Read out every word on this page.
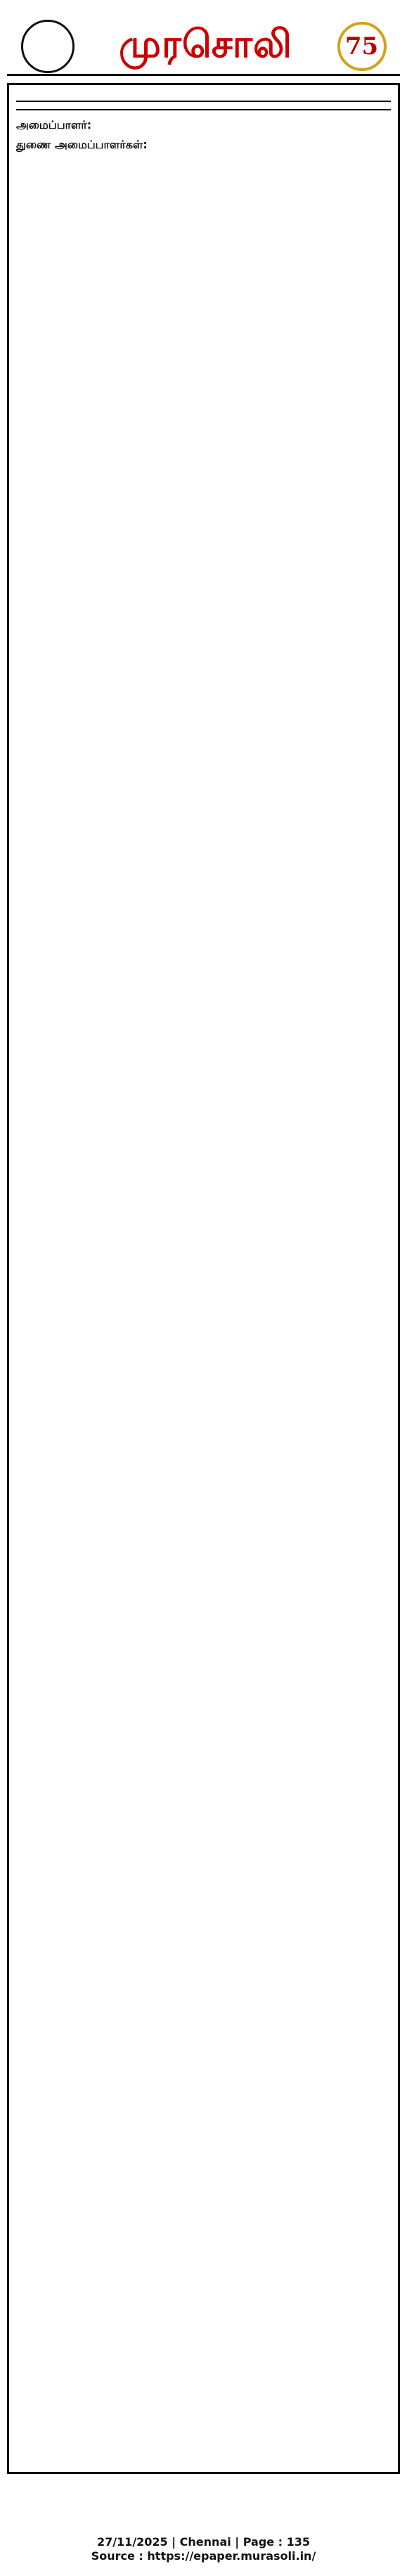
முரசொலி	75
அமைப்பாளர்:
துணை அமைப்பாளர்கள்:
27/11/2025 | Chennai | Page : 135
Source : https://epaper.murasoli.in/
